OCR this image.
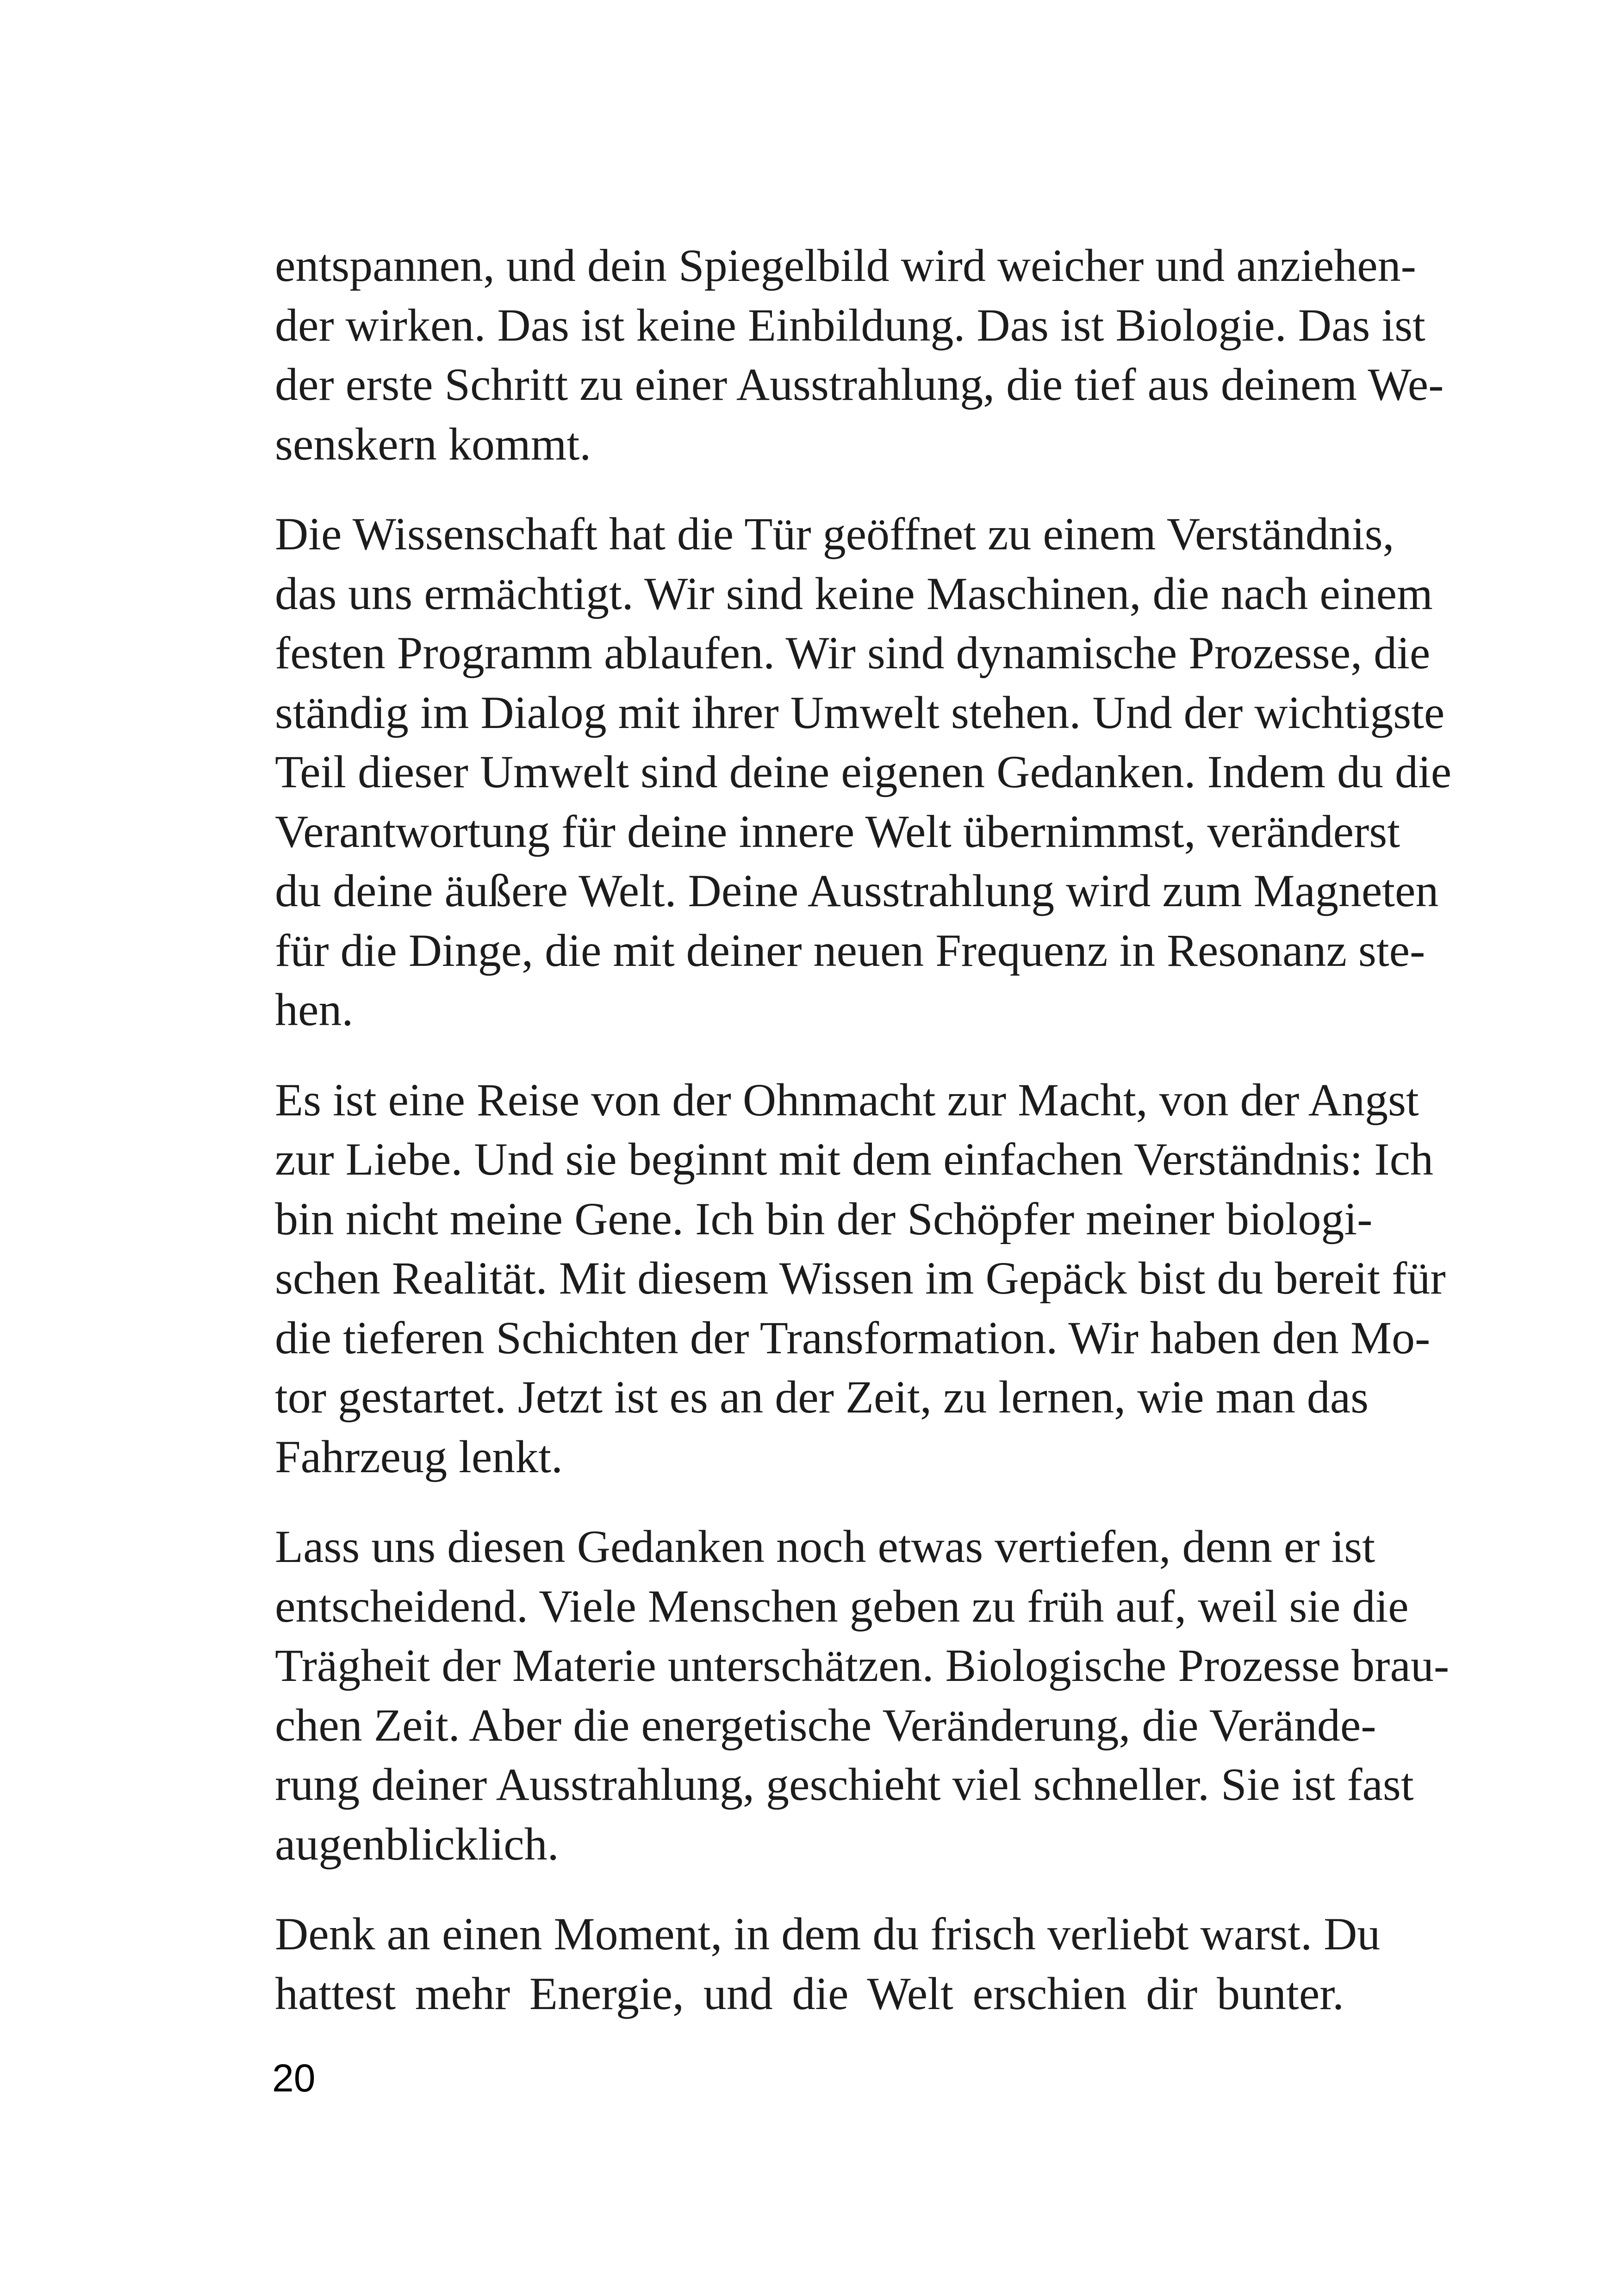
entspannen, und dein Spiegelbild wird weicher und anziehen-
der wirken. Das ist keine Einbildung. Das ist Biologie. Das ist
der erste Schritt zu einer Ausstrahlung, die tief aus deinem We-
senskern kommt.

Die Wissenschaft hat die Tür geöffnet zu einem Verständnis,
das uns ermächtigt. Wir sind keine Maschinen, die nach einem
festen Programm ablaufen. Wir sind dynamische Prozesse, die
ständig im Dialog mit ihrer Umwelt stehen. Und der wichtigste
Teil dieser Umwelt sind deine eigenen Gedanken. Indem du die
Verantwortung für deine innere Welt übernimmst, veränderst
du deine äußere Welt. Deine Ausstrahlung wird zum Magneten
für die Dinge, die mit deiner neuen Frequenz in Resonanz ste-
hen.

Es ist eine Reise von der Ohnmacht zur Macht, von der Angst
zur Liebe. Und sie beginnt mit dem einfachen Verständnis: Ich
bin nicht meine Gene. Ich bin der Schöpfer meiner biologi-
schen Realität. Mit diesem Wissen im Gepäck bist du bereit für
die tieferen Schichten der Transformation. Wir haben den Mo-
tor gestartet. Jetzt ist es an der Zeit, zu lernen, wie man das
Fahrzeug lenkt.

Lass uns diesen Gedanken noch etwas vertiefen, denn er ist
entscheidend. Viele Menschen geben zu früh auf, weil sie die
Trägheit der Materie unterschätzen. Biologische Prozesse brau-
chen Zeit. Aber die energetische Veränderung, die Verände-
rung deiner Ausstrahlung, geschieht viel schneller. Sie ist fast
augenblicklich.

Denk an einen Moment, in dem du frisch verliebt warst. Du
hattest mehr Energie, und die Welt erschien dir bunter.

20
